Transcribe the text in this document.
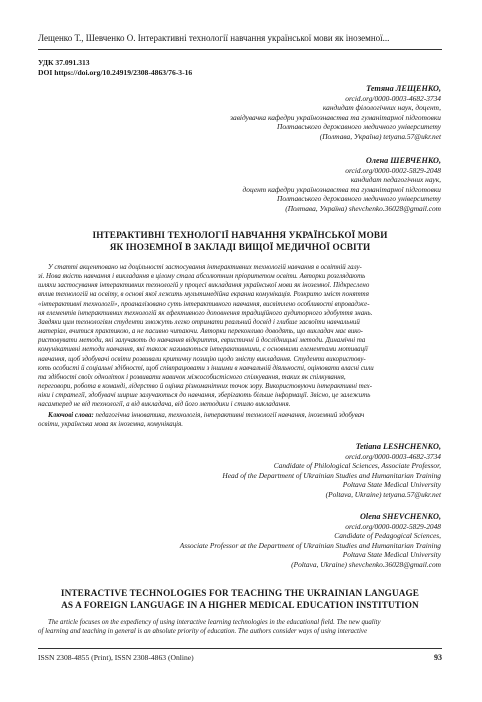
Лещенко Т., Шевченко О. Інтерактивні технології навчання української мови як іноземної...
УДК 37.091.313
DOI https://doi.org/10.24919/2308-4863/76-3-16
Тетяна ЛЕЩЕНКО,
orcid.org/0000-0003-4682-3734
кандидат філологічних наук, доцент,
завідувачка кафедри українознавства та гуманітарної підготовки
Полтавського державного медичного університету
(Полтава, Україна) tetyana.57@ukr.net
Олена ШЕВЧЕНКО,
orcid.org/0000-0002-5829-2048
кандидат педагогічних наук,
доцент кафедри українознавства та гуманітарної підготовки
Полтавського державного медичного університету
(Полтава, Україна) shevchenko.36028@gmail.com
ІНТЕРАКТИВНІ ТЕХНОЛОГІЇ НАВЧАННЯ УКРАЇНСЬКОЇ МОВИ
ЯК ІНОЗЕМНОЇ В ЗАКЛАДІ ВИЩОЇ МЕДИЧНОЇ ОСВІТИ
У статті акцентовано на доцільності застосування інтерактивних технологій навчання в освітній галу-
зі. Нова якість навчання і викладання в цілому стала абсолютним пріоритетом освіти. Авторки розглядають
шляхи застосування інтерактивних технологій у процесі викладання української мови як іноземної. Підкреслено
вплив технологій на освіту, в основі якої лежить мультимедійна екранна комунікація. Розкрито зміст поняття
«інтерактивні технології», проаналізовано суть інтерактивного навчання, висвітлено особливості впровадже-
ня елементів інтерактивних технологій як ефективного доповнення традиційного аудиторного здобуття знань.
Завдяки цим технологіям студенти зможуть легко отримати реальний досвід і глибше засвоїти навчальний
матеріал, вчитися практикою, а не пасивно читаючи. Авторки переконливо доводять, що викладач має вико-
ристовувати методи, які залучають до навчання відкриття, евристичні й дослідницькі методи. Динамічні та
комунікативні методи навчання, які також називаються інтерактивними, є основними елементами мотивації
навчання, щоб здобувачі освіти розвивали критичну позицію щодо змісту викладання. Студенти використову-
ють особисті й соціальні здібності, щоб співпрацювати з іншими в навчальній діяльності, оцінювати власні сили
та здібності своїх одноліток і розвивати навичок міжособистісного спілкування, таких як спілкування,
переговори, робота в команді, лідерство й оцінка різноманітних точок зору. Використовуючи інтерактивні тех-
ніки і стратегії, здобувачі ширше залучаються до навчання, зберігають більше інформації. Звісно, це залежить
насамперед не від технології, а від викладача, від його методики і стилю викладання.
Ключові слова: педагогічна інноватика, технологія, інтерактивні технології навчання, іноземний здобувач
освіти, українська мова як іноземна, комунікація.
Tetiana LESHCHENKO,
orcid.org/0000-0003-4682-3734
Candidate of Philological Sciences, Associate Professor,
Head of the Department of Ukrainian Studies and Humanitarian Training
Poltava State Medical University
(Poltava, Ukraine) tetyana.57@ukr.net
Olena SHEVCHENKO,
orcid.org/0000-0002-5829-2048
Candidate of Pedagogical Sciences,
Associate Professor at the Department of Ukrainian Studies and Humanitarian Training
Poltava State Medical University
(Poltava, Ukraine) shevchenko.36028@gmail.com
INTERACTIVE TECHNOLOGIES FOR TEACHING THE UKRAINIAN LANGUAGE
AS A FOREIGN LANGUAGE IN A HIGHER MEDICAL EDUCATION INSTITUTION
The article focuses on the expediency of using interactive learning technologies in the educational field. The new quality
of learning and teaching in general is an absolute priority of education. The authors consider ways of using interactive
ISSN 2308-4855 (Print), ISSN 2308-4863 (Online)	93
